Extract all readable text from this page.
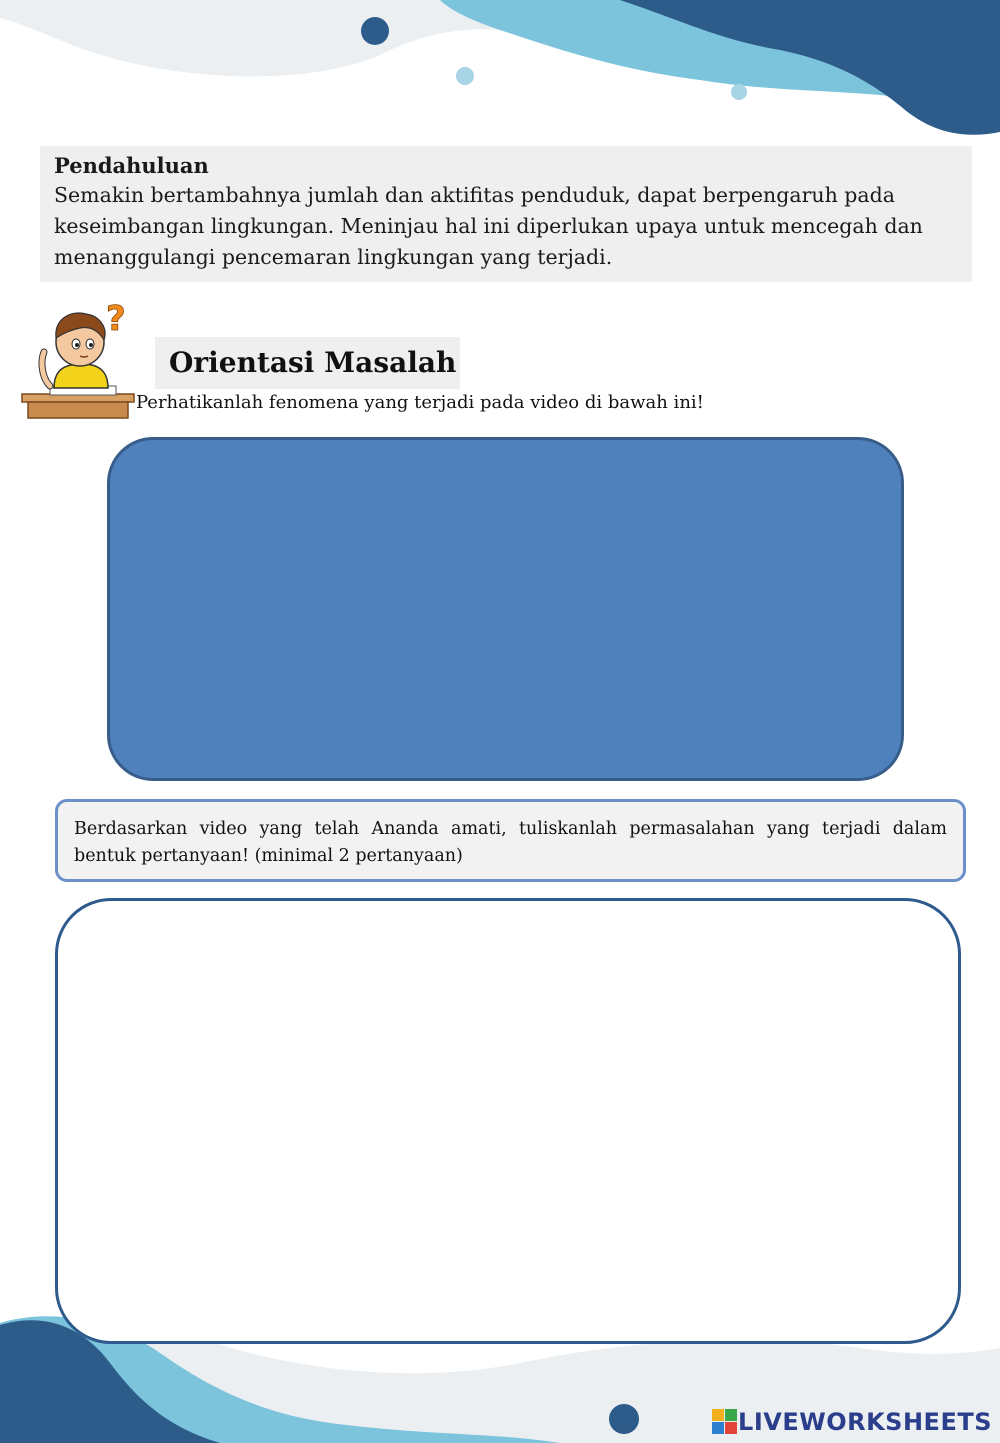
Pendahuluan
Semakin bertambahnya jumlah dan aktifitas penduduk, dapat berpengaruh pada keseimbangan lingkungan. Meninjau hal ini diperlukan upaya untuk mencegah dan menanggulangi pencemaran lingkungan yang terjadi.
?
Orientasi Masalah
Perhatikanlah fenomena yang terjadi pada video di bawah ini!
Berdasarkan video yang telah Ananda amati, tuliskanlah permasalahan yang terjadi dalam bentuk pertanyaan! (minimal 2 pertanyaan)
LIVEWORKSHEETS
